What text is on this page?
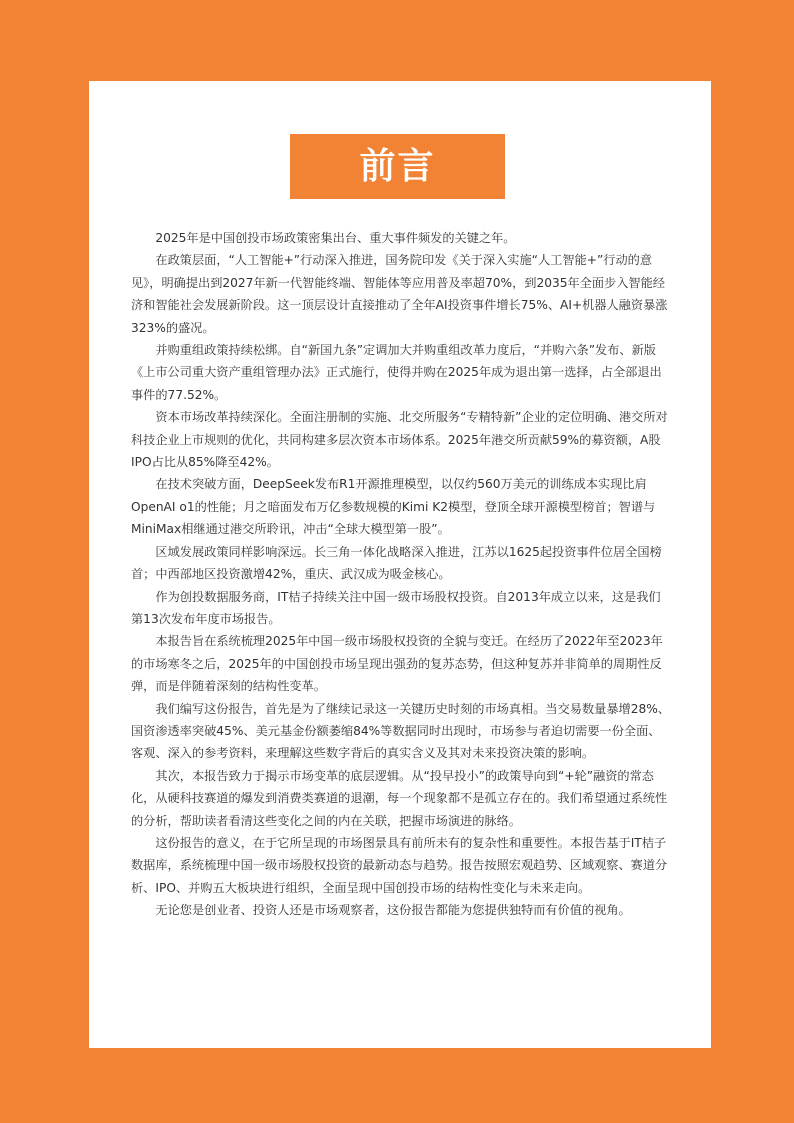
前言

2025年是中国创投市场政策密集出台、重大事件频发的关键之年。

在政策层面，“人工智能+”行动深入推进，国务院印发《关于深入实施“人工智能+”行动的意见》，明确提出到2027年新一代智能终端、智能体等应用普及率超70%，到2035年全面步入智能经济和智能社会发展新阶段。这一顶层设计直接推动了全年AI投资事件增长75%、AI+机器人融资暴涨323%的盛况。

并购重组政策持续松绑。自“新国九条”定调加大并购重组改革力度后，“并购六条”发布、新版《上市公司重大资产重组管理办法》正式施行，使得并购在2025年成为退出第一选择，占全部退出事件的77.52%。

资本市场改革持续深化。全面注册制的实施、北交所服务“专精特新”企业的定位明确、港交所对科技企业上市规则的优化，共同构建多层次资本市场体系。2025年港交所贡献59%的募资额，A股IPO占比从85%降至42%。

在技术突破方面，DeepSeek发布R1开源推理模型，以仅约560万美元的训练成本实现比肩OpenAI o1的性能；月之暗面发布万亿参数规模的Kimi K2模型，登顶全球开源模型榜首；智谱与MiniMax相继通过港交所聆讯，冲击“全球大模型第一股”。

区域发展政策同样影响深远。长三角一体化战略深入推进，江苏以1625起投资事件位居全国榜首；中西部地区投资激增42%，重庆、武汉成为吸金核心。

作为创投数据服务商，IT桔子持续关注中国一级市场股权投资。自2013年成立以来，这是我们第13次发布年度市场报告。

本报告旨在系统梳理2025年中国一级市场股权投资的全貌与变迁。在经历了2022年至2023年的市场寒冬之后，2025年的中国创投市场呈现出强劲的复苏态势，但这种复苏并非简单的周期性反弹，而是伴随着深刻的结构性变革。

我们编写这份报告，首先是为了继续记录这一关键历史时刻的市场真相。当交易数量暴增28%、国资渗透率突破45%、美元基金份额萎缩84%等数据同时出现时，市场参与者迫切需要一份全面、客观、深入的参考资料，来理解这些数字背后的真实含义及其对未来投资决策的影响。

其次，本报告致力于揭示市场变革的底层逻辑。从“投早投小”的政策导向到“+轮”融资的常态化，从硬科技赛道的爆发到消费类赛道的退潮，每一个现象都不是孤立存在的。我们希望通过系统性的分析，帮助读者看清这些变化之间的内在关联，把握市场演进的脉络。

这份报告的意义，在于它所呈现的市场图景具有前所未有的复杂性和重要性。本报告基于IT桔子数据库，系统梳理中国一级市场股权投资的最新动态与趋势。报告按照宏观趋势、区域观察、赛道分析、IPO、并购五大板块进行组织，全面呈现中国创投市场的结构性变化与未来走向。

无论您是创业者、投资人还是市场观察者，这份报告都能为您提供独特而有价值的视角。
